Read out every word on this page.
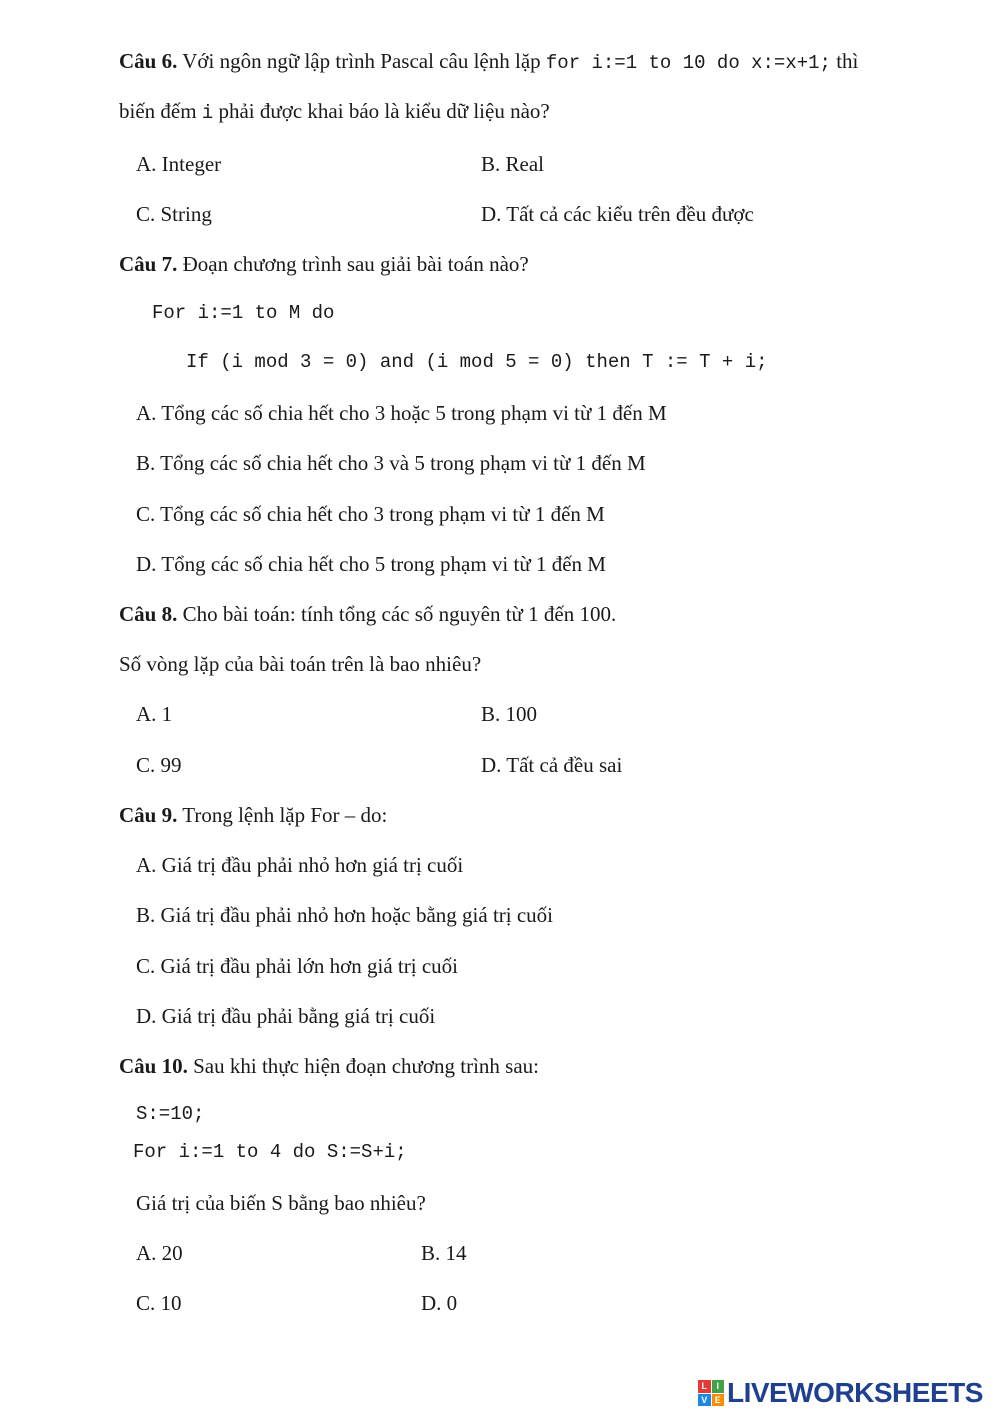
Câu 6. Với ngôn ngữ lập trình Pascal câu lệnh lặp for i:=1 to 10 do x:=x+1; thì
biến đếm i phải được khai báo là kiểu dữ liệu nào?
A. Integer	B. Real
C. String	D. Tất cả các kiểu trên đều được
Câu 7. Đoạn chương trình sau giải bài toán nào?
For i:=1 to M do
If (i mod 3 = 0) and (i mod 5 = 0) then T := T + i;
A. Tổng các số chia hết cho 3 hoặc 5 trong phạm vi từ 1 đến M
B. Tổng các số chia hết cho 3 và 5 trong phạm vi từ 1 đến M
C. Tổng các số chia hết cho 3 trong phạm vi từ 1 đến M
D. Tổng các số chia hết cho 5 trong phạm vi từ 1 đến M
Câu 8. Cho bài toán: tính tổng các số nguyên từ 1 đến 100.
Số vòng lặp của bài toán trên là bao nhiêu?
A. 1	B. 100
C. 99	D. Tất cả đều sai
Câu 9. Trong lệnh lặp For – do:
A. Giá trị đầu phải nhỏ hơn giá trị cuối
B. Giá trị đầu phải nhỏ hơn hoặc bằng giá trị cuối
C. Giá trị đầu phải lớn hơn giá trị cuối
D. Giá trị đầu phải bằng giá trị cuối
Câu 10. Sau khi thực hiện đoạn chương trình sau:
S:=10;
For i:=1 to 4 do S:=S+i;
Giá trị của biến S bằng bao nhiêu?
A. 20	B. 14
C. 10	D. 0
L	I
V E LIVEWORKSHEETS
